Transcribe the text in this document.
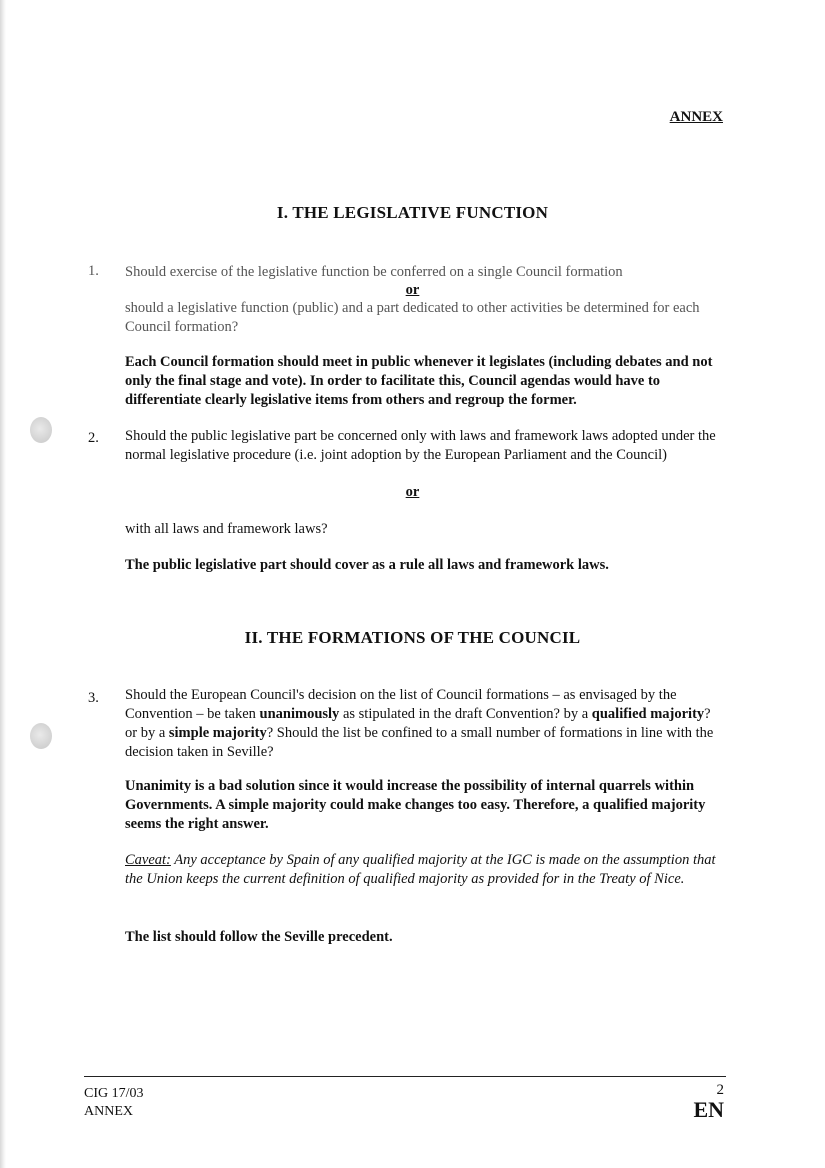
ANNEX
I. THE LEGISLATIVE FUNCTION
1. Should exercise of the legislative function be conferred on a single Council formation
or
should a legislative function (public) and a part dedicated to other activities be determined for each Council formation?
Each Council formation should meet in public whenever it legislates (including debates and not only the final stage and vote). In order to facilitate this, Council agendas would have to differentiate clearly legislative items from others and regroup the former.
2. Should the public legislative part be concerned only with laws and framework laws adopted under the normal legislative procedure (i.e. joint adoption by the European Parliament and the Council)
or
with all laws and framework laws?
The public legislative part should cover as a rule all laws and framework laws.
II. THE FORMATIONS OF THE COUNCIL
3. Should the European Council's decision on the list of Council formations – as envisaged by the Convention – be taken unanimously as stipulated in the draft Convention? by a qualified majority? or by a simple majority? Should the list be confined to a small number of formations in line with the decision taken in Seville?
Unanimity is a bad solution since it would increase the possibility of internal quarrels within Governments. A simple majority could make changes too easy. Therefore, a qualified majority seems the right answer.
Caveat: Any acceptance by Spain of any qualified majority at the IGC is made on the assumption that the Union keeps the current definition of qualified majority as provided for in the Treaty of Nice.
The list should follow the Seville precedent.
CIG 17/03
ANNEX
2
EN
